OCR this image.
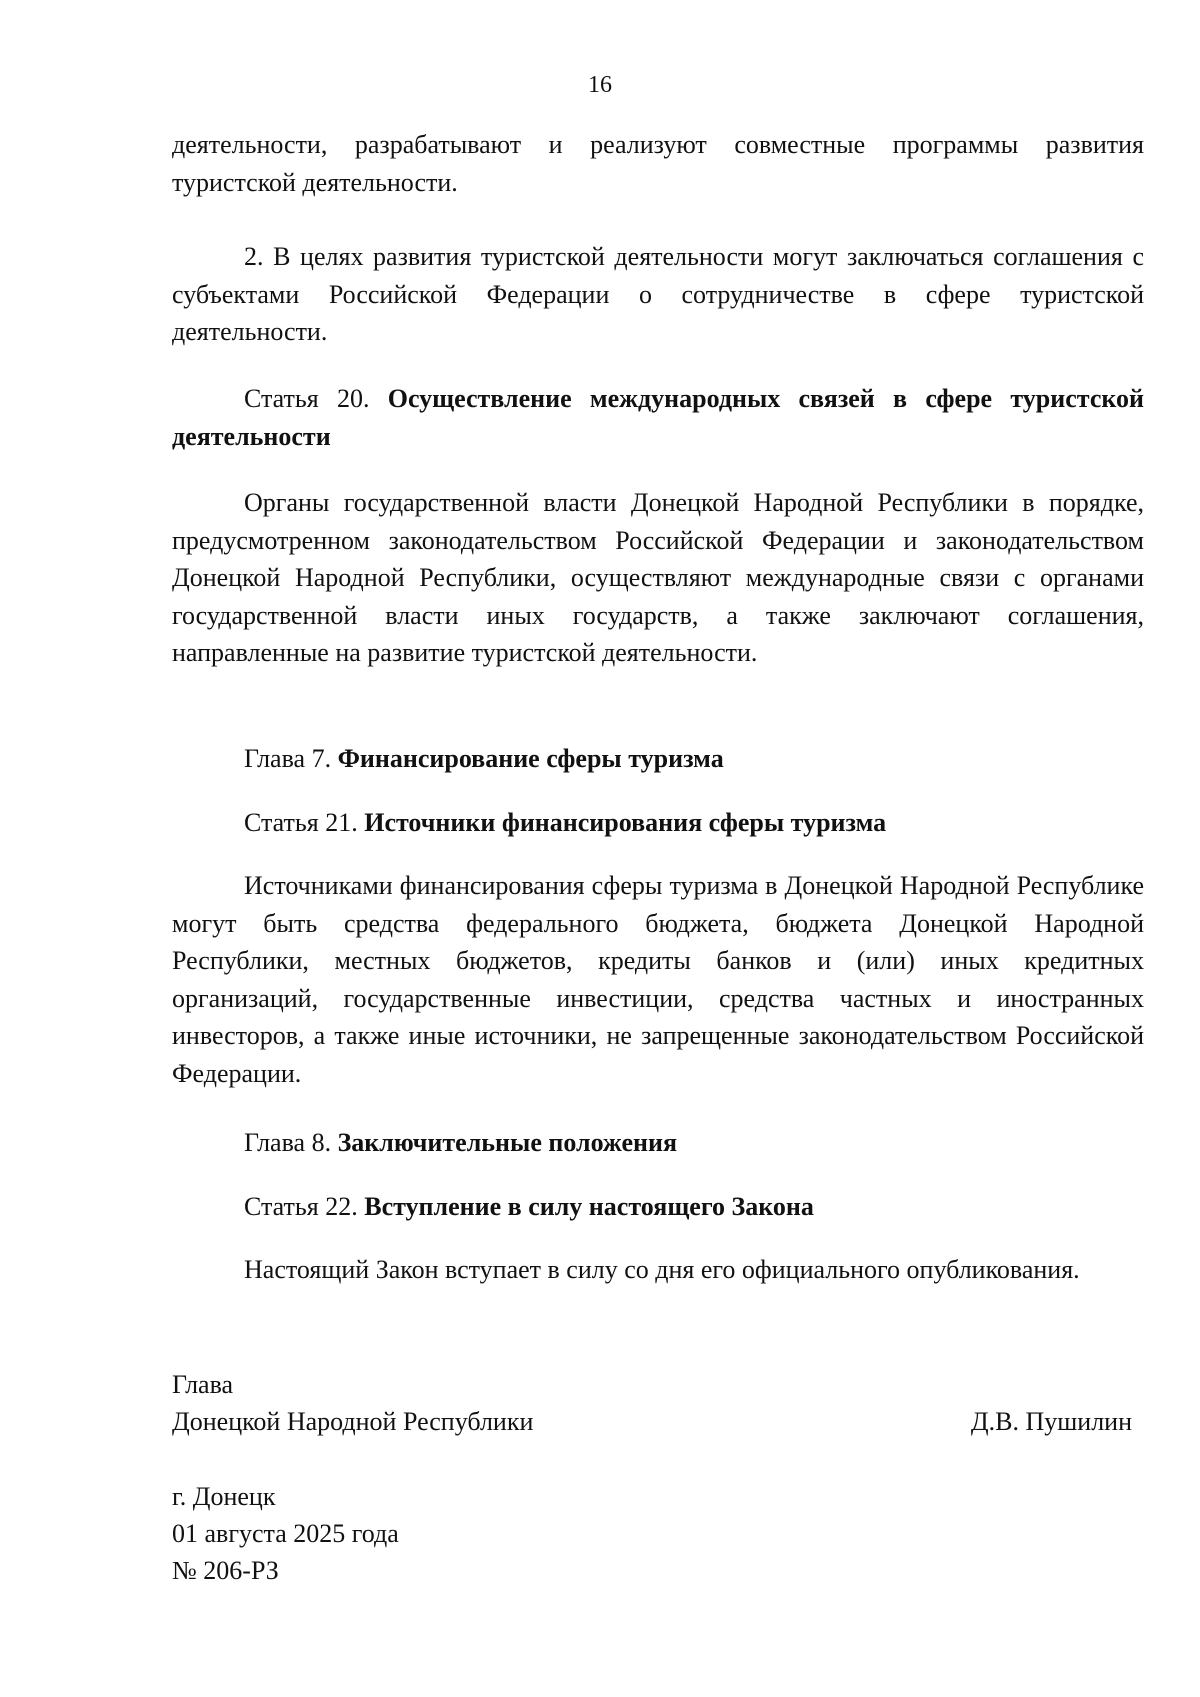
16

деятельности, разрабатывают и реализуют совместные программы развития туристской деятельности.

2. В целях развития туристской деятельности могут заключаться соглашения с субъектами Российской Федерации о сотрудничестве в сфере туристской деятельности.

Статья 20. Осуществление международных связей в сфере туристской деятельности

Органы государственной власти Донецкой Народной Республики в порядке, предусмотренном законодательством Российской Федерации и законодательством Донецкой Народной Республики, осуществляют международные связи с органами государственной власти иных государств, а также заключают соглашения, направленные на развитие туристской деятельности.

Глава 7. Финансирование сферы туризма

Статья 21. Источники финансирования сферы туризма

Источниками финансирования сферы туризма в Донецкой Народной Республике могут быть средства федерального бюджета, бюджета Донецкой Народной Республики, местных бюджетов, кредиты банков и (или) иных кредитных организаций, государственные инвестиции, средства частных и иностранных инвесторов, а также иные источники, не запрещенные законодательством Российской Федерации.

Глава 8. Заключительные положения

Статья 22. Вступление в силу настоящего Закона

Настоящий Закон вступает в силу со дня его официального опубликования.

Глава
Донецкой Народной Республики	Д.В. Пушилин
г. Донецк
01 августа 2025 года
№ 206-РЗ
